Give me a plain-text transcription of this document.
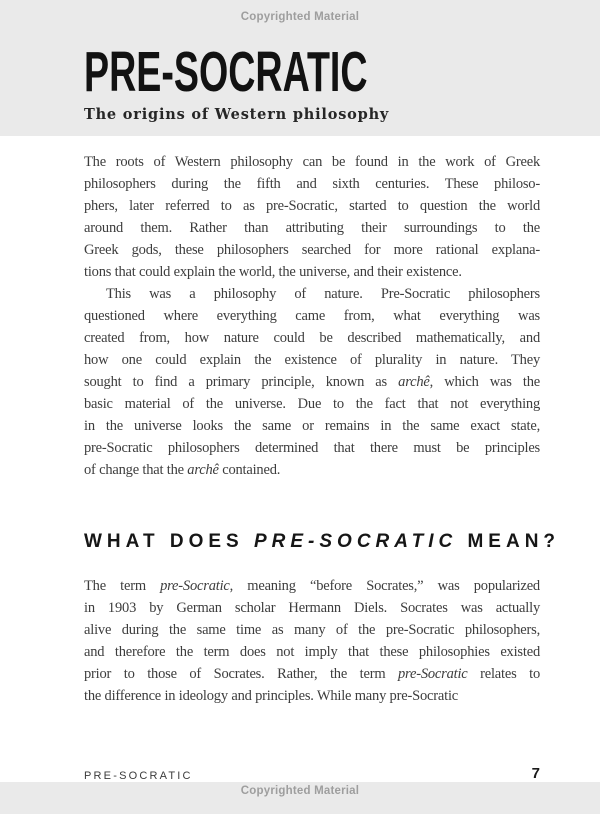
Copyrighted Material
PRE-SOCRATIC
The origins of Western philosophy
The roots of Western philosophy can be found in the work of Greek
philosophers during the fifth and sixth centuries. These philoso-
phers, later referred to as pre-Socratic, started to question the world
around them. Rather than attributing their surroundings to the
Greek gods, these philosophers searched for more rational explana-
tions that could explain the world, the universe, and their existence.
This was a philosophy of nature. Pre-Socratic philosophers
questioned where everything came from, what everything was
created from, how nature could be described mathematically, and
how one could explain the existence of plurality in nature. They
sought to find a primary principle, known as archê, which was the
basic material of the universe. Due to the fact that not everything
in the universe looks the same or remains in the same exact state,
pre-Socratic philosophers determined that there must be principles
of change that the archê contained.
WHAT DOES PRE-SOCRATIC MEAN?
The term pre-Socratic, meaning “before Socrates,” was popularized
in 1903 by German scholar Hermann Diels. Socrates was actually
alive during the same time as many of the pre-Socratic philosophers,
and therefore the term does not imply that these philosophies existed
prior to those of Socrates. Rather, the term pre-Socratic relates to
the difference in ideology and principles. While many pre-Socratic
PRE-SOCRATIC	7
Copyrighted Material
